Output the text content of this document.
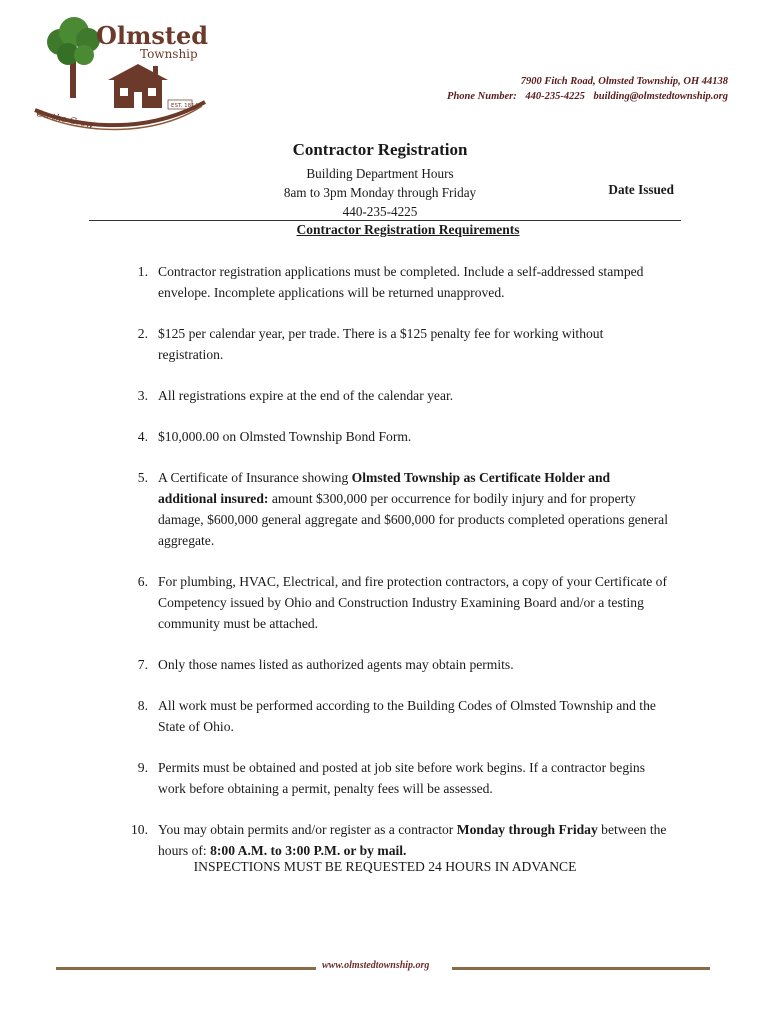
EST. 1814
Olmsted
Township
On the Grow
7900 Fitch Road, Olmsted Township, OH 44138
Phone Number: 440-235-4225 building@olmstedtownship.org
Contractor Registration
Building Department Hours
8am to 3pm Monday through Friday
440-235-4225
Date Issued
Contractor Registration Requirements
1. Contractor registration applications must be completed. Include a self-addressed stamped envelope. Incomplete applications will be returned unapproved.
2. $125 per calendar year, per trade. There is a $125 penalty fee for working without registration.
3. All registrations expire at the end of the calendar year.
4. $10,000.00 on Olmsted Township Bond Form.
5. A Certificate of Insurance showing Olmsted Township as Certificate Holder and additional insured: amount $300,000 per occurrence for bodily injury and for property damage, $600,000 general aggregate and $600,000 for products completed operations general aggregate.
6. For plumbing, HVAC, Electrical, and fire protection contractors, a copy of your Certificate of Competency issued by Ohio and Construction Industry Examining Board and/or a testing community must be attached.
7. Only those names listed as authorized agents may obtain permits.
8. All work must be performed according to the Building Codes of Olmsted Township and the State of Ohio.
9. Permits must be obtained and posted at job site before work begins. If a contractor begins work before obtaining a permit, penalty fees will be assessed.
10. You may obtain permits and/or register as a contractor Monday through Friday between the hours of: 8:00 A.M. to 3:00 P.M. or by mail.
INSPECTIONS MUST BE REQUESTED 24 HOURS IN ADVANCE
www.olmstedtownship.org
